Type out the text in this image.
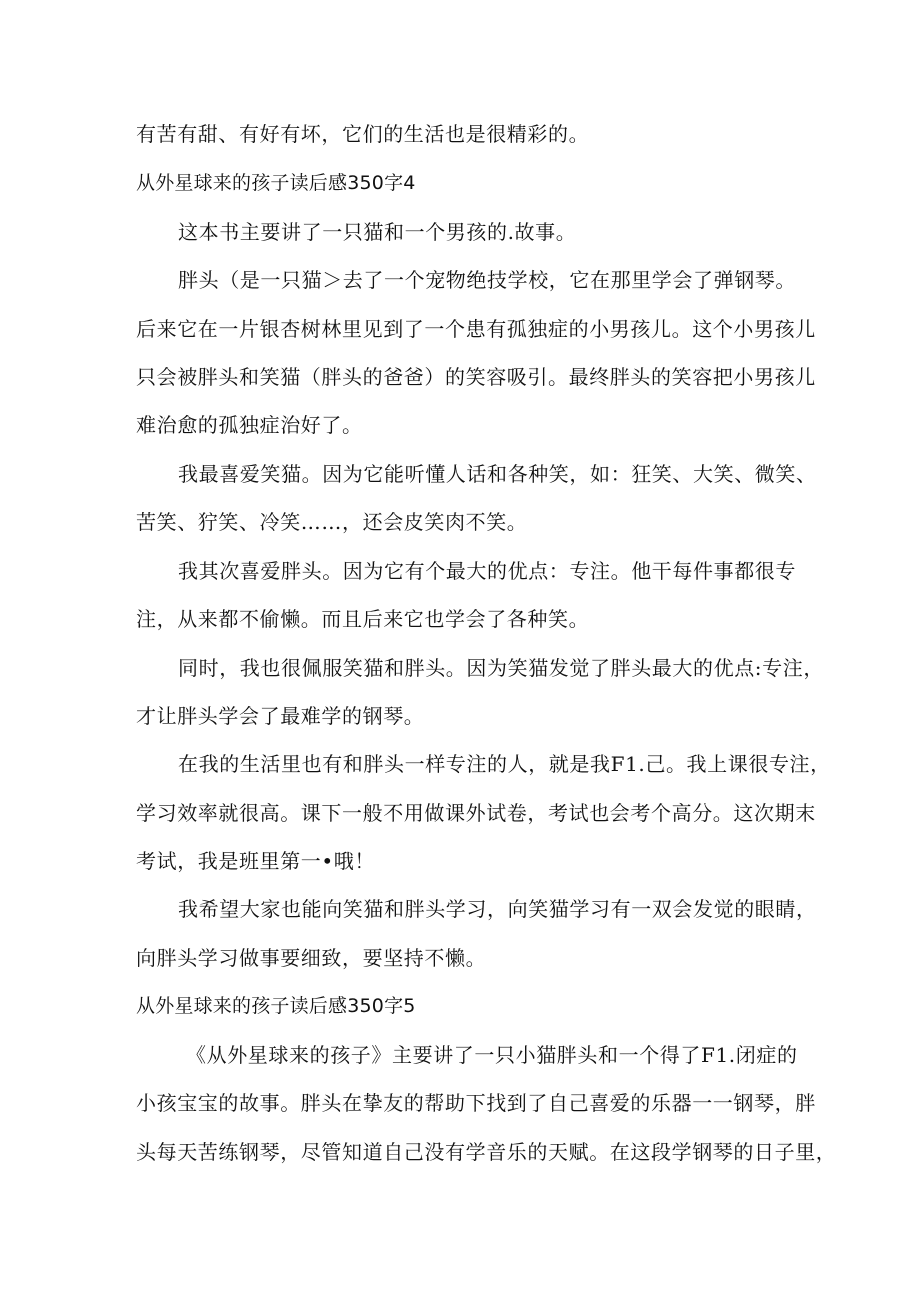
有苦有甜、有好有坏，它们的生活也是很精彩的。
从外星球来的孩子读后感350字4
这本书主要讲了一只猫和一个男孩的.故事。
胖头（是一只猫＞去了一个宠物绝技学校，它在那里学会了弹钢琴。
后来它在一片银杏树林里见到了一个患有孤独症的小男孩儿。这个小男孩儿
只会被胖头和笑猫（胖头的爸爸）的笑容吸引。最终胖头的笑容把小男孩儿
难治愈的孤独症治好了。
我最喜爱笑猫。因为它能听懂人话和各种笑，如：狂笑、大笑、微笑、
苦笑、狞笑、冷笑……，还会皮笑肉不笑。
我其次喜爱胖头。因为它有个最大的优点：专注。他干每件事都很专
注，从来都不偷懒。而且后来它也学会了各种笑。
同时，我也很佩服笑猫和胖头。因为笑猫发觉了胖头最大的优点:专注，
才让胖头学会了最难学的钢琴。
在我的生活里也有和胖头一样专注的人，就是我F1.己。我上课很专注，
学习效率就很高。课下一般不用做课外试卷，考试也会考个高分。这次期末
考试，我是班里第一•哦！
我希望大家也能向笑猫和胖头学习，向笑猫学习有一双会发觉的眼睛，
向胖头学习做事要细致，要坚持不懒。
从外星球来的孩子读后感350字5
《从外星球来的孩子》主要讲了一只小猫胖头和一个得了F1.闭症的
小孩宝宝的故事。胖头在挚友的帮助下找到了自己喜爱的乐器一一钢琴，胖
头每天苦练钢琴，尽管知道自己没有学音乐的天赋。在这段学钢琴的日子里，
